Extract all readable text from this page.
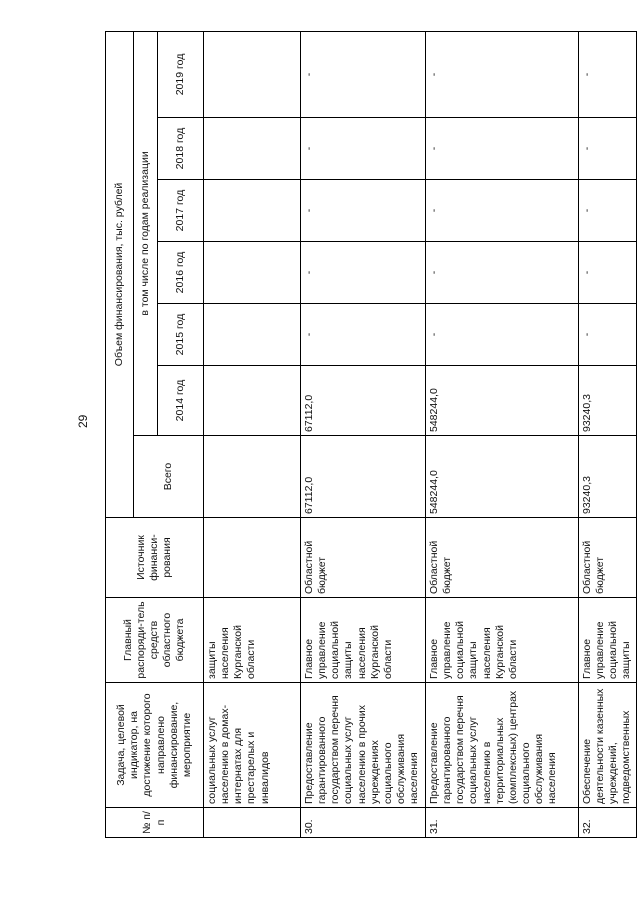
29
№ п/п	Задача, целевой индикатор, на достижение которого направлено финансирование, мероприятие	Главный распоряди-тель средств областного бюджета	Источник финанси-рования	Объем финансирования, тыс. рублей						
				Всего	в том числе по годам реализации					
					2014 год	2015 год	2016 год	2017 год	2018 год	2019 год
	социальных услуг населению в домах-интернатах для престарелых и инвалидов	защиты населения Курганской области								
30.	Предоставление гарантированного государством перечня социальных услуг населению в прочих учреждениях социального обслуживания населения	Главное управление социальной защиты населения Курганской области	Областной бюджет	67112,0	67112,0	-	-	-	-	-
31.	Предоставление гарантированного государством перечня социальных услуг населению в территориальных (комплексных) центрах социального обслуживания населения	Главное управление социальной защиты населения Курганской области	Областной бюджет	548244,0	548244,0	-	-	-	-	-
32.	Обеспечение деятельности казенных учреждений, подведомственных	Главное управление социальной защиты	Областной бюджет	93240,3	93240,3	-	-	-	-	-
